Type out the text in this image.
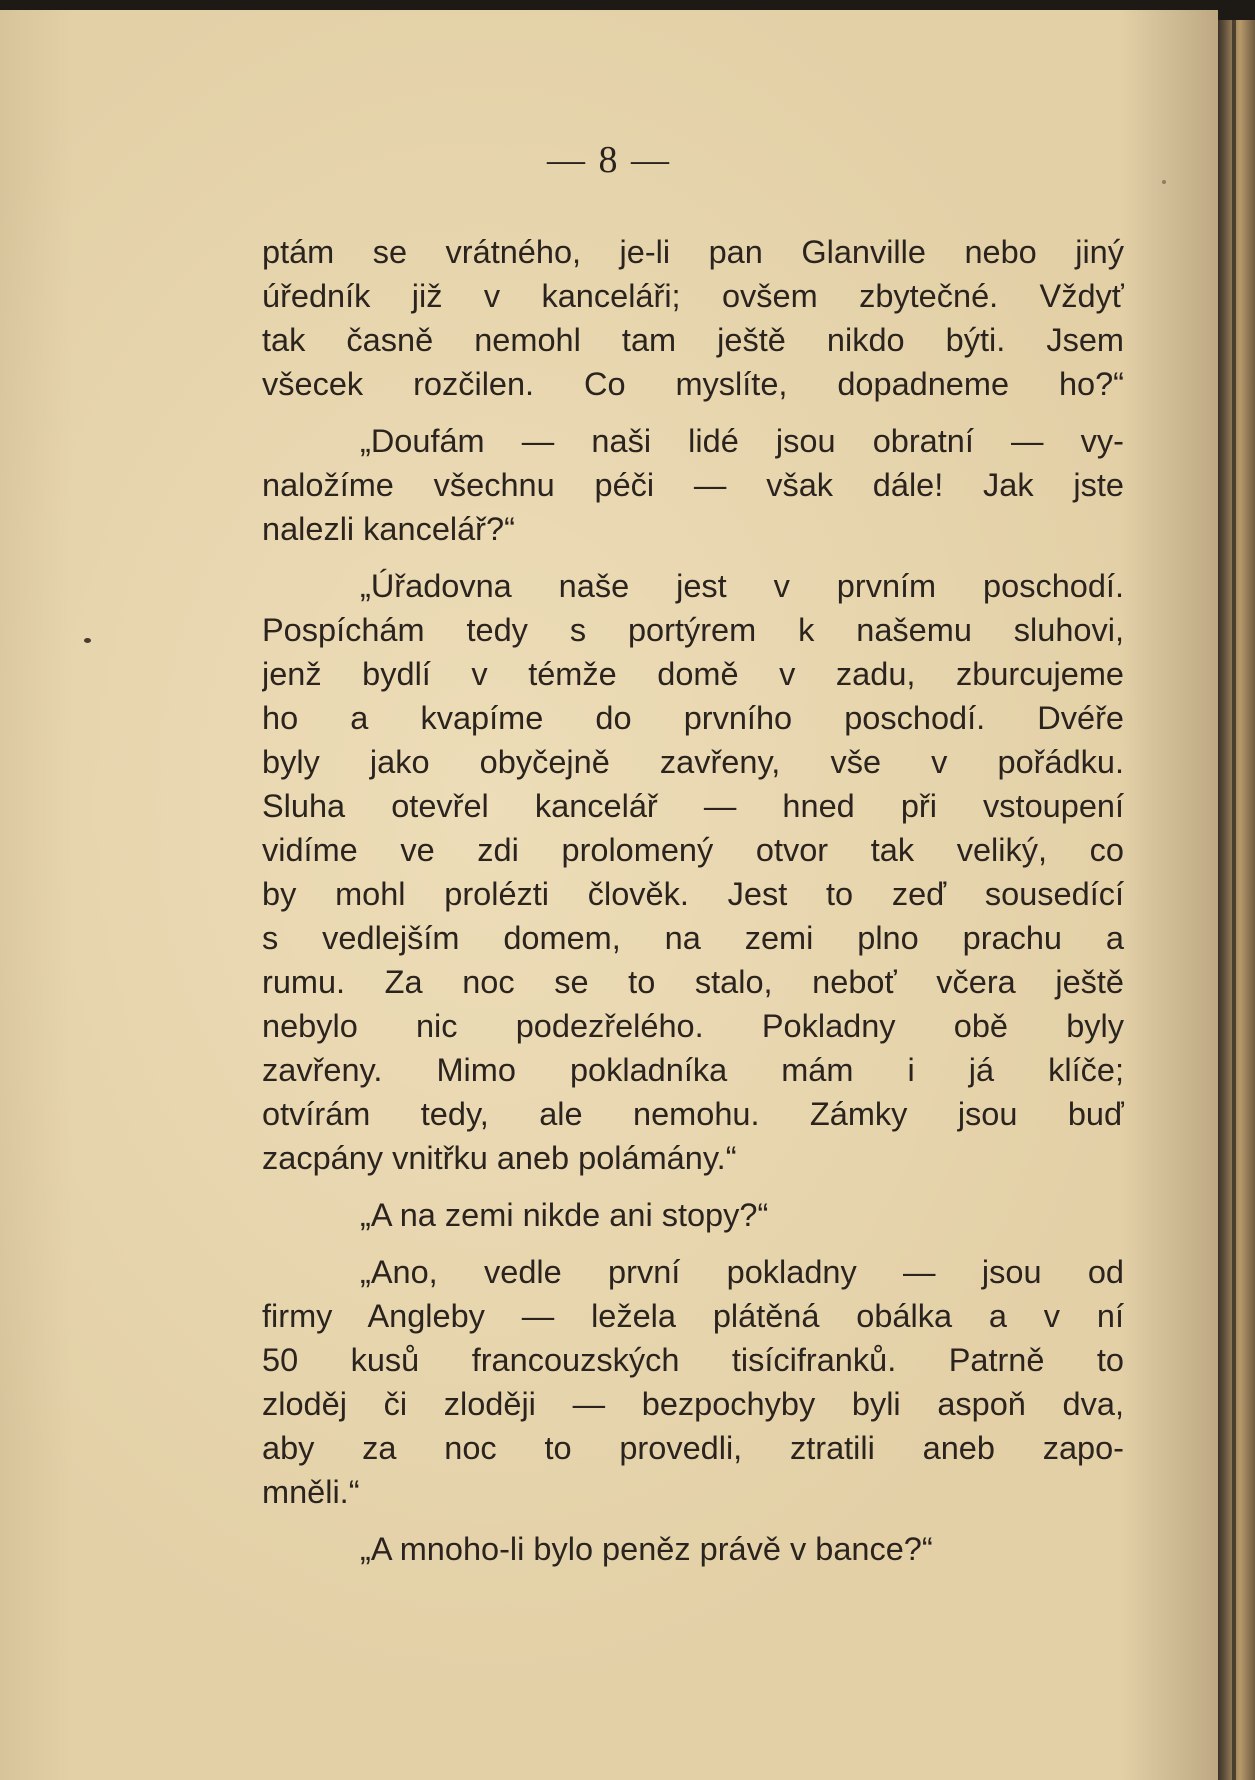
— 8 —
ptám se vrátného, je-li pan Glanville nebo jiný
úředník již v kanceláři; ovšem zbytečné. Vždyť
tak časně nemohl tam ještě nikdo býti. Jsem
všecek rozčilen. Co myslíte, dopadneme ho?“
„Doufám — naši lidé jsou obratní — vy-
naložíme všechnu péči — však dále! Jak jste
nalezli kancelář?“
„Úřadovna naše jest v prvním poschodí.
Pospíchám tedy s portýrem k našemu sluhovi,
jenž bydlí v témže domě v zadu, zburcujeme
ho a kvapíme do prvního poschodí. Dvéře
byly jako obyčejně zavřeny, vše v pořádku.
Sluha otevřel kancelář — hned při vstoupení
vidíme ve zdi prolomený otvor tak veliký, co
by mohl prolézti člověk. Jest to zeď sousedící
s vedlejším domem, na zemi plno prachu a
rumu. Za noc se to stalo, neboť včera ještě
nebylo nic podezřelého. Pokladny obě byly
zavřeny. Mimo pokladníka mám i já klíče;
otvírám tedy, ale nemohu. Zámky jsou buď
zacpány vnitřku aneb polámány.“
„A na zemi nikde ani stopy?“
„Ano, vedle první pokladny — jsou od
firmy Angleby — ležela plátěná obálka a v ní
50 kusů francouzských tisícifranků. Patrně to
zloděj či zloději — bezpochyby byli aspoň dva,
aby za noc to provedli, ztratili aneb zapo-
mněli.“
„A mnoho-li bylo peněz právě v bance?“
